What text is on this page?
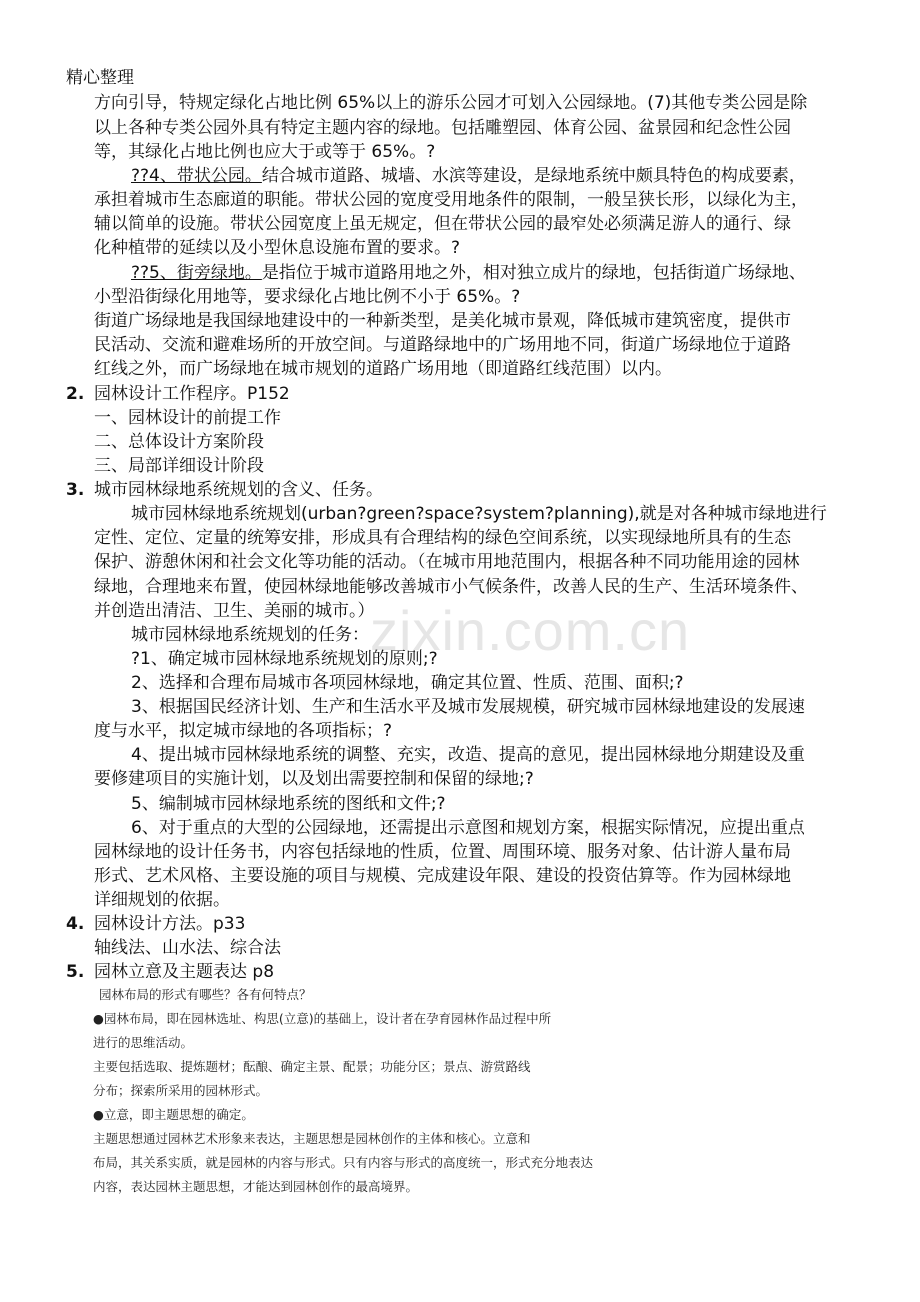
zixin.com.cn
精心整理
方向引导，特规定绿化占地比例 65%以上的游乐公园才可划入公园绿地。(7)其他专类公园是除
以上各种专类公园外具有特定主题内容的绿地。包括雕塑园、体育公园、盆景园和纪念性公园
等，其绿化占地比例也应大于或等于 65%。?
??4、带状公园。结合城市道路、城墙、水滨等建设，是绿地系统中颇具特色的构成要素，
承担着城市生态廊道的职能。带状公园的宽度受用地条件的限制，一般呈狭长形，以绿化为主，
辅以简单的设施。带状公园宽度上虽无规定，但在带状公园的最窄处必须满足游人的通行、绿
化种植带的延续以及小型休息设施布置的要求。?
??5、街旁绿地。是指位于城市道路用地之外，相对独立成片的绿地，包括街道广场绿地、
小型沿街绿化用地等，要求绿化占地比例不小于 65%。?
街道广场绿地是我国绿地建设中的一种新类型，是美化城市景观，降低城市建筑密度，提供市
民活动、交流和避难场所的开放空间。与道路绿地中的广场用地不同，街道广场绿地位于道路
红线之外，而广场绿地在城市规划的道路广场用地（即道路红线范围）以内。
2. 园林设计工作程序。P152
一、园林设计的前提工作
二、总体设计方案阶段
三、局部详细设计阶段
3. 城市园林绿地系统规划的含义、任务。
城市园林绿地系统规划(urban?green?space?system?planning),就是对各种城市绿地进行
定性、定位、定量的统筹安排，形成具有合理结构的绿色空间系统，以实现绿地所具有的生态
保护、游憩休闲和社会文化等功能的活动。（在城市用地范围内，根据各种不同功能用途的园林
绿地，合理地来布置，使园林绿地能够改善城市小气候条件，改善人民的生产、生活环境条件、
并创造出清洁、卫生、美丽的城市。）
城市园林绿地系统规划的任务：
?1、确定城市园林绿地系统规划的原则;?
2、选择和合理布局城市各项园林绿地，确定其位置、性质、范围、面积;?
3、根据国民经济计划、生产和生活水平及城市发展规模，研究城市园林绿地建设的发展速
度与水平，拟定城市绿地的各项指标；?
4、提出城市园林绿地系统的调整、充实，改造、提高的意见，提出园林绿地分期建设及重
要修建项目的实施计划，以及划出需要控制和保留的绿地;?
5、编制城市园林绿地系统的图纸和文件;?
6、对于重点的大型的公园绿地，还需提出示意图和规划方案，根据实际情况，应提出重点
园林绿地的设计任务书，内容包括绿地的性质，位置、周围环境、服务对象、估计游人量布局
形式、艺术风格、主要设施的项目与规模、完成建设年限、建设的投资估算等。作为园林绿地
详细规划的依据。
4. 园林设计方法。p33
轴线法、山水法、综合法
5. 园林立意及主题表达 p8
园林布局的形式有哪些？各有何特点？
●园林布局，即在园林选址、构思(立意)的基础上，设计者在孕育园林作品过程中所
进行的思维活动。
主要包括选取、提炼题材；酝酿、确定主景、配景；功能分区；景点、游赏路线
分布；探索所采用的园林形式。
●立意，即主题思想的确定。
主题思想通过园林艺术形象来表达，主题思想是园林创作的主体和核心。立意和
布局，其关系实质，就是园林的内容与形式。只有内容与形式的高度统一，形式充分地表达
内容，表达园林主题思想，才能达到园林创作的最高境界。
